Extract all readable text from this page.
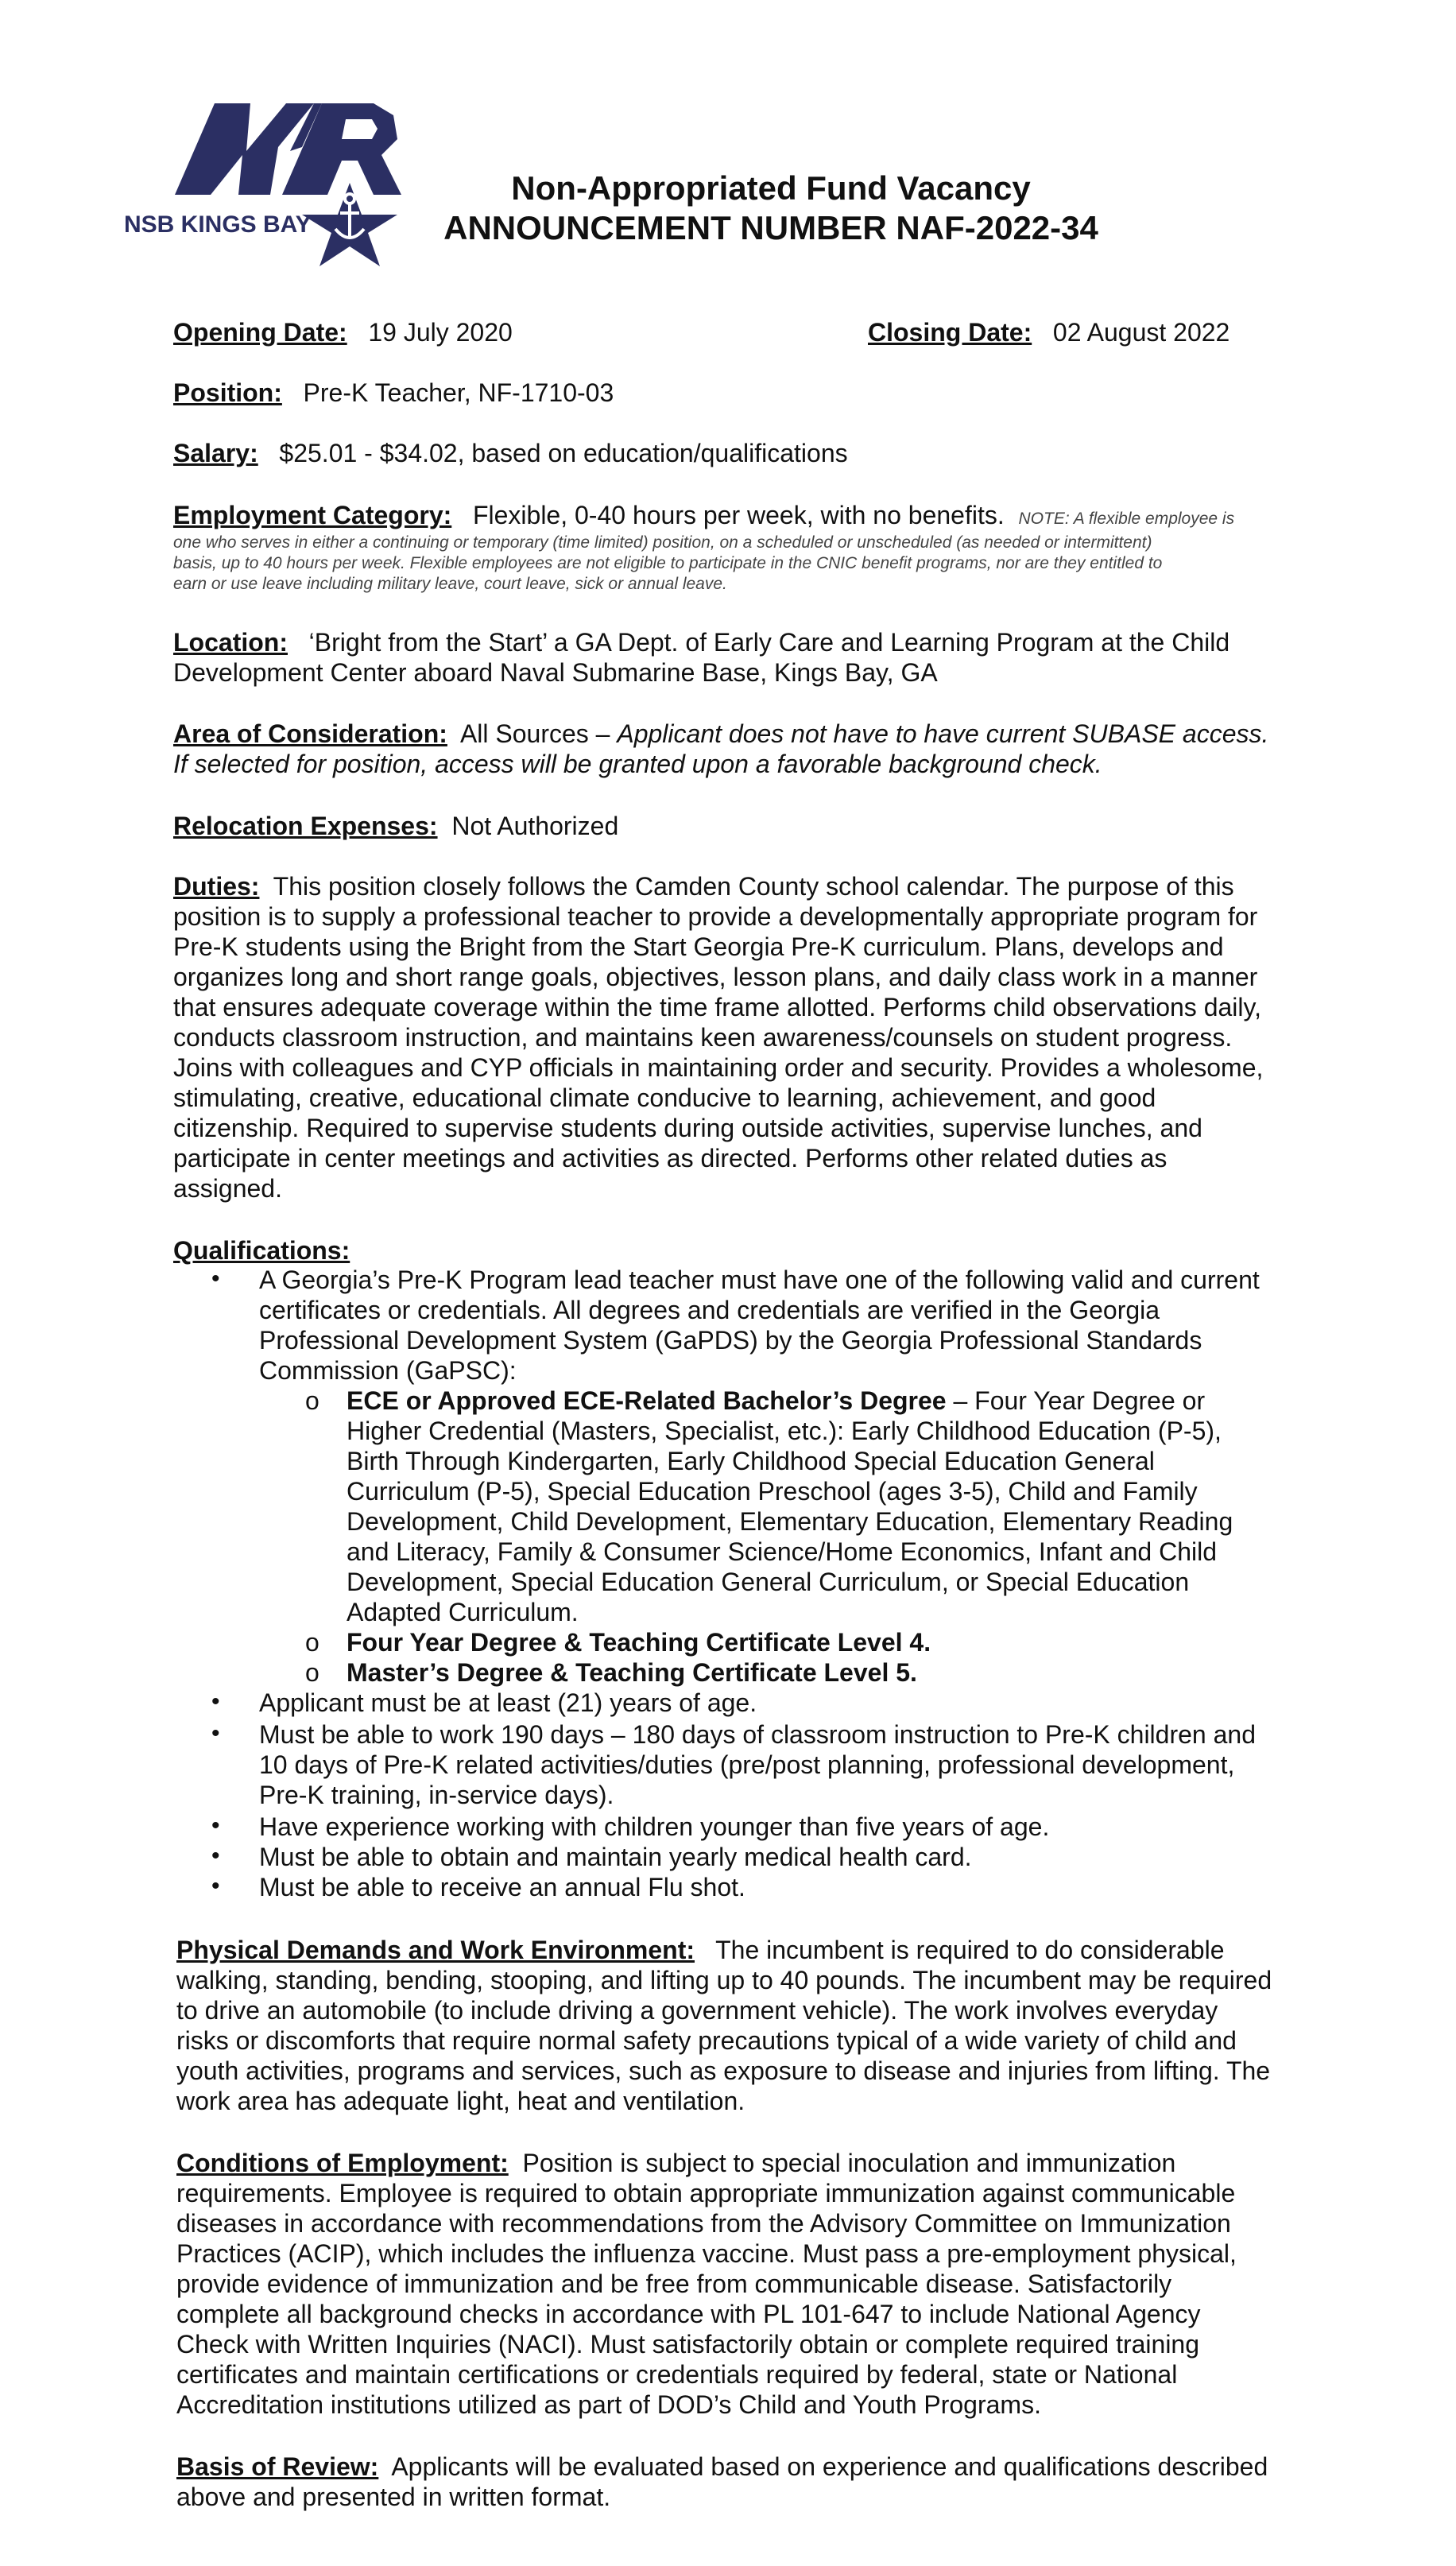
NSB KINGS BAY
Non-Appropriated Fund Vacancy
ANNOUNCEMENT NUMBER NAF-2022-34
Opening Date: 19 July 2020	Closing Date: 02 August 2022
Position: Pre-K Teacher, NF-1710-03
Salary: $25.01 - $34.02, based on education/qualifications
Employment Category: Flexible, 0-40 hours per week, with no benefits. NOTE: A flexible employee is
one who serves in either a continuing or temporary (time limited) position, on a scheduled or unscheduled (as needed or intermittent)
basis, up to 40 hours per week. Flexible employees are not eligible to participate in the CNIC benefit programs, nor are they entitled to
earn or use leave including military leave, court leave, sick or annual leave.
Location: ‘Bright from the Start’ a GA Dept. of Early Care and Learning Program at the Child
Development Center aboard Naval Submarine Base, Kings Bay, GA
Area of Consideration: All Sources – Applicant does not have to have current SUBASE access.
If selected for position, access will be granted upon a favorable background check.
Relocation Expenses: Not Authorized
Duties: This position closely follows the Camden County school calendar. The purpose of this
position is to supply a professional teacher to provide a developmentally appropriate program for
Pre-K students using the Bright from the Start Georgia Pre-K curriculum. Plans, develops and
organizes long and short range goals, objectives, lesson plans, and daily class work in a manner
that ensures adequate coverage within the time frame allotted. Performs child observations daily,
conducts classroom instruction, and maintains keen awareness/counsels on student progress.
Joins with colleagues and CYP officials in maintaining order and security. Provides a wholesome,
stimulating, creative, educational climate conducive to learning, achievement, and good
citizenship. Required to supervise students during outside activities, supervise lunches, and
participate in center meetings and activities as directed. Performs other related duties as
assigned.
Qualifications:
• A Georgia’s Pre-K Program lead teacher must have one of the following valid and current
certificates or credentials. All degrees and credentials are verified in the Georgia
Professional Development System (GaPDS) by the Georgia Professional Standards
Commission (GaPSC):
o ECE or Approved ECE-Related Bachelor’s Degree – Four Year Degree or
Higher Credential (Masters, Specialist, etc.): Early Childhood Education (P-5),
Birth Through Kindergarten, Early Childhood Special Education General
Curriculum (P-5), Special Education Preschool (ages 3-5), Child and Family
Development, Child Development, Elementary Education, Elementary Reading
and Literacy, Family & Consumer Science/Home Economics, Infant and Child
Development, Special Education General Curriculum, or Special Education
Adapted Curriculum.
o Four Year Degree & Teaching Certificate Level 4.
o Master’s Degree & Teaching Certificate Level 5.
• Applicant must be at least (21) years of age.
• Must be able to work 190 days – 180 days of classroom instruction to Pre-K children and
10 days of Pre-K related activities/duties (pre/post planning, professional development,
Pre-K training, in-service days).
• Have experience working with children younger than five years of age.
• Must be able to obtain and maintain yearly medical health card.
• Must be able to receive an annual Flu shot.
Physical Demands and Work Environment: The incumbent is required to do considerable
walking, standing, bending, stooping, and lifting up to 40 pounds. The incumbent may be required
to drive an automobile (to include driving a government vehicle). The work involves everyday
risks or discomforts that require normal safety precautions typical of a wide variety of child and
youth activities, programs and services, such as exposure to disease and injuries from lifting. The
work area has adequate light, heat and ventilation.
Conditions of Employment: Position is subject to special inoculation and immunization
requirements. Employee is required to obtain appropriate immunization against communicable
diseases in accordance with recommendations from the Advisory Committee on Immunization
Practices (ACIP), which includes the influenza vaccine. Must pass a pre-employment physical,
provide evidence of immunization and be free from communicable disease. Satisfactorily
complete all background checks in accordance with PL 101-647 to include National Agency
Check with Written Inquiries (NACI). Must satisfactorily obtain or complete required training
certificates and maintain certifications or credentials required by federal, state or National
Accreditation institutions utilized as part of DOD’s Child and Youth Programs.
Basis of Review: Applicants will be evaluated based on experience and qualifications described
above and presented in written format.
